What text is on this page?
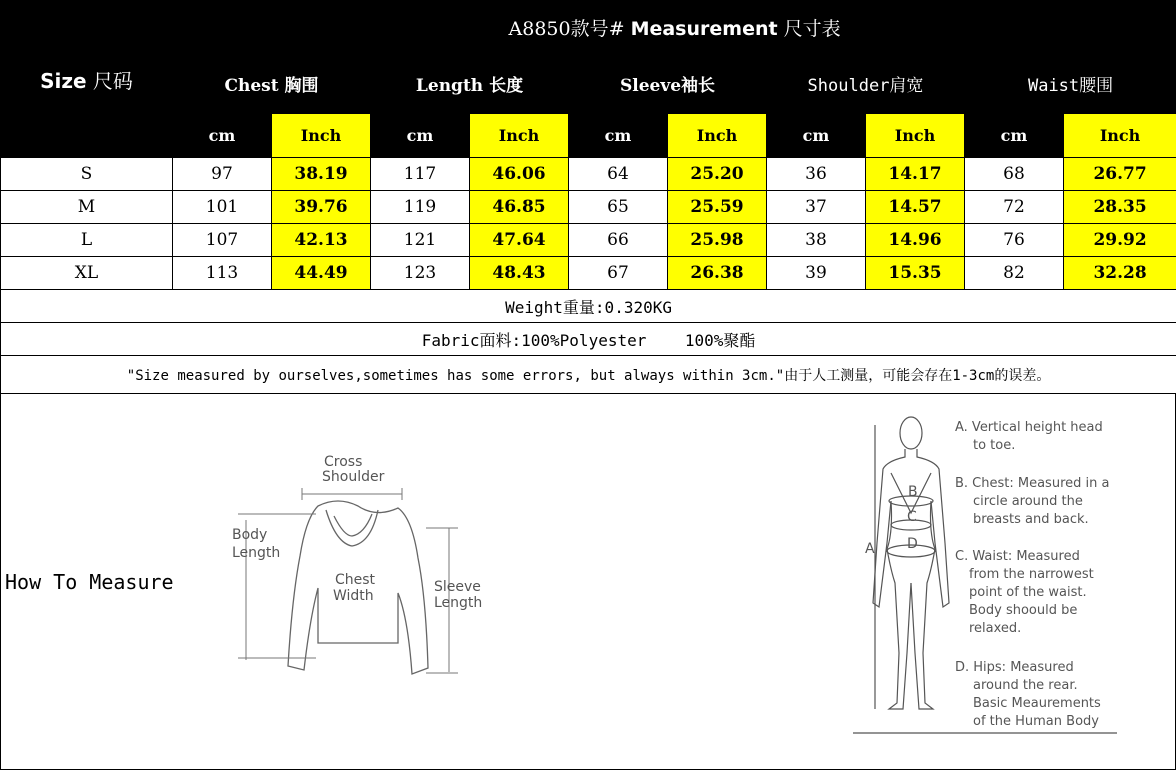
Size 尺码	A8850款号# Measurement 尺寸表									
	Chest 胸围		Length 长度		Sleeve袖长		Shoulder肩宽		Waist腰围	
	cm	Inch	cm	Inch	cm	Inch	cm	Inch	cm	Inch
S	97	38.19	117	46.06	64	25.20	36	14.17	68	26.77
M	101	39.76	119	46.85	65	25.59	37	14.57	72	28.35
L	107	42.13	121	47.64	66	25.98	38	14.96	76	29.92
XL	113	44.49	123	48.43	67	26.38	39	15.35	82	32.28
Weight重量:0.320KG										
Fabric面料:100%Polyester    100%聚酯										
"Size measured by ourselves,sometimes has some errors, but always within 3cm."由于人工测量，可能会存在1-3cm的误差。										
How To Measure
Cross
Shoulder
Body
Length
Chest
Width
Sleeve
Length
B
C
D
A
A. Vertical height head
to toe.
B. Chest: Measured in a
circle around the
breasts and back.
C. Waist: Measured
from the narrowest
point of the waist.
Body shoould be
relaxed.
D. Hips: Measured
around the rear.
Basic Meaurements
of the Human Body
